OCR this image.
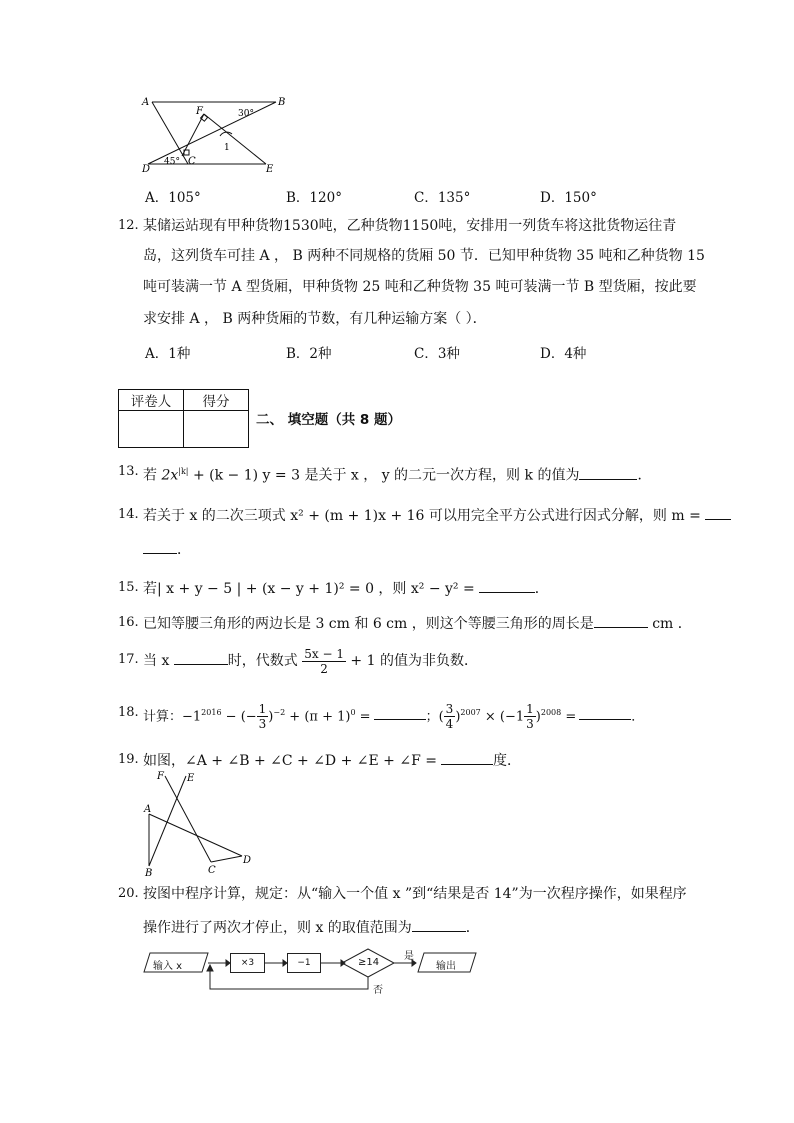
A	B
F
C
D	E
1
30°
45°
A．105°	B．120°	C．135°	D．150°
12. 某储运站现有甲种货物1530吨，乙种货物1150吨，安排用一列货车将这批货物运往青
岛，这列货车可挂 A ， B 两种不同规格的货厢 50 节．已知甲种货物 35 吨和乙种货物 15
吨可装满一节 A 型货厢，甲种货物 25 吨和乙种货物 35 吨可装满一节 B 型货厢，按此要
求安排 A ， B 两种货厢的节数，有几种运输方案（ ）．
A．1种	B．2种	C．3种	D．4种
评卷人	得分

二、 填空题（共 8 题）
13. 若 $2x^{|k|} + (k - 1) y = 3$ 是关于 x ， y 的二元一次方程，则 k 的值为	．
14. 若关于 x 的二次三项式 x² + (m + 1)x + 16 可以用完全平方公式进行因式分解，则 m =
．
15. 若| x + y − 5 | + (x − y + 1)² = 0 ，则 x² − y² =	．
16. 已知等腰三角形的两边长是 3 cm 和 6 cm ，则这个等腰三角形的周长是	cm ．
17. 当 x	时，代数式 $\frac{5x - 1}{2} + 1$ 的值为非负数．
18. 计算：$-1^{2016}$ − (− $\frac{1}{3} )^{-2} + (\pi + 1)^0$ =	；( $\frac{3}{4} )^{2007} \times (-1 \frac{1}{3} )^{2008}$ =	．
19. 如图，∠A + ∠B + ∠C + ∠D + ∠E + ∠F =	度．
F E
A
B	C
D
20. 按图中程序计算，规定：从“输入一个值 x ”到“结果是否 14”为一次程序操作，如果程序
操作进行了两次才停止，则 x 的取值范围为	．
输入 x	×3	−1	≥14	输出
是
否
